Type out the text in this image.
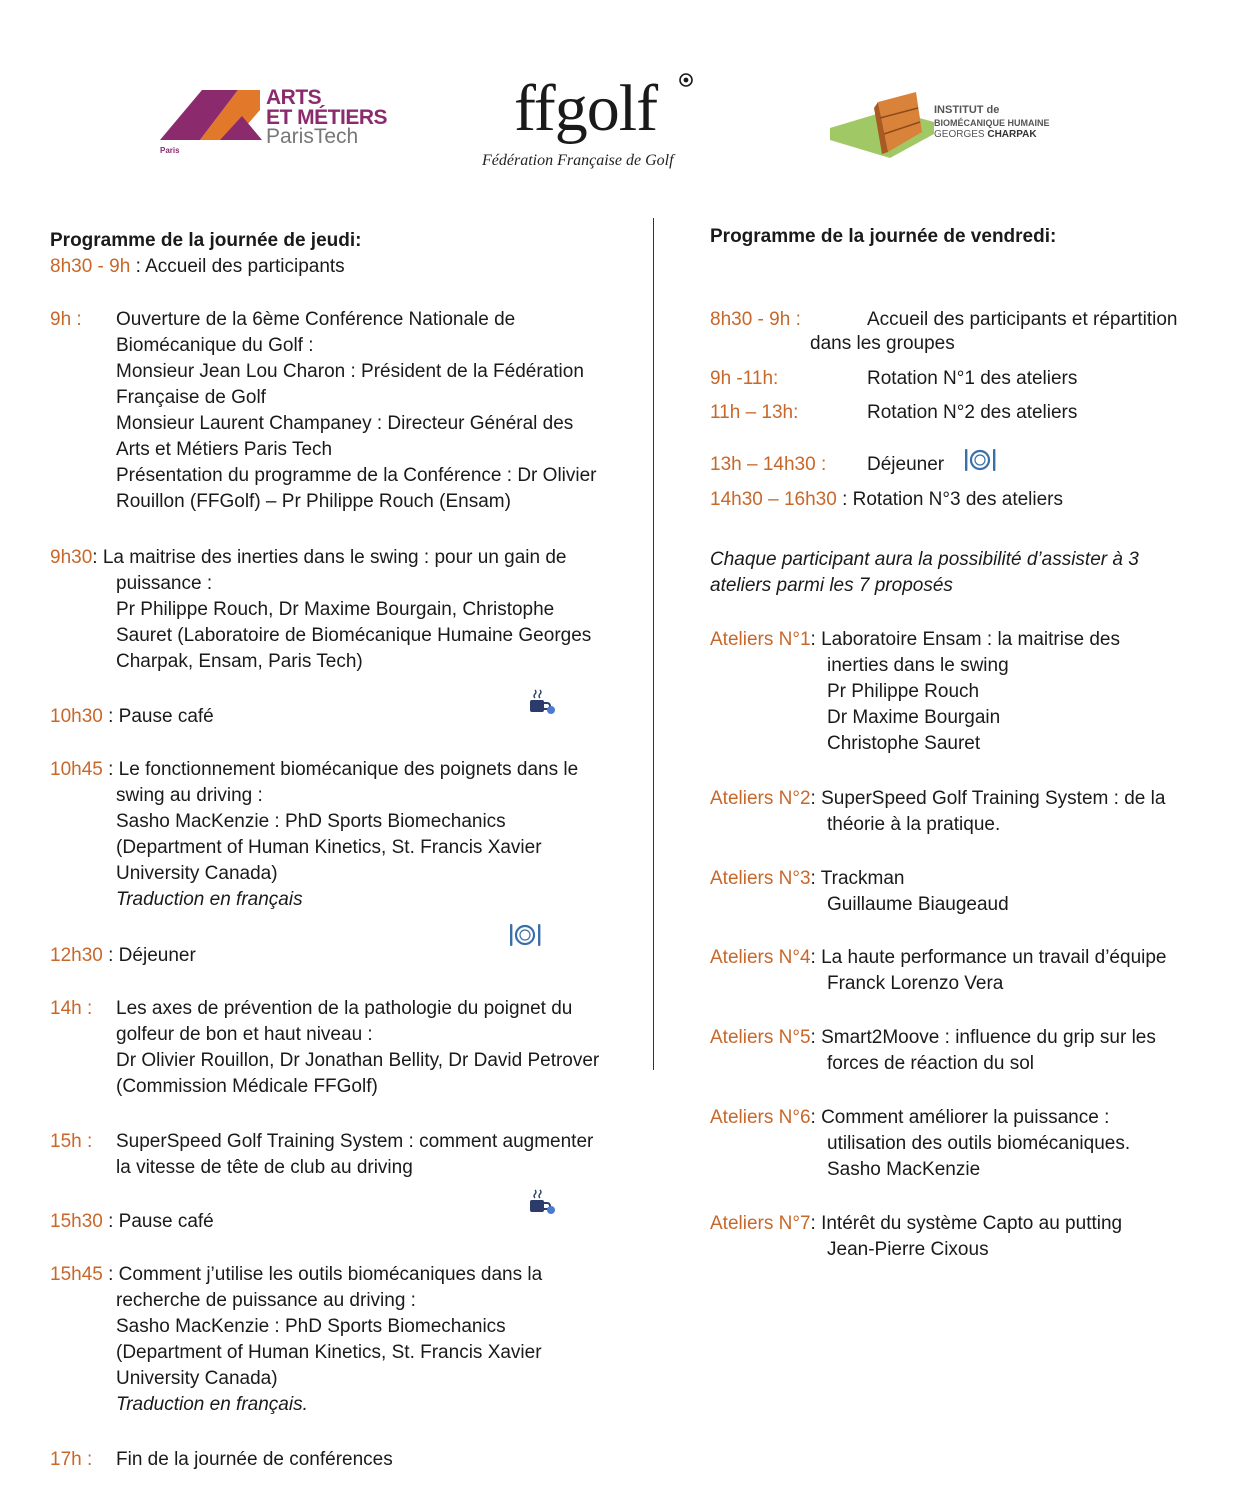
Paris
ARTS
ET MÉTIERS
ParisTech ffgolf
Fédération Française de Golf
INSTITUT de
BIOMÉCANIQUE HUMAINE
GEORGES CHARPAK
Programme de la journée de jeudi:
8h30 - 9h : Accueil des participants
9h : Ouverture de la 6ème Conférence Nationale de
Biomécanique du Golf :
Monsieur Jean Lou Charon : Président de la Fédération
Française de Golf
Monsieur Laurent Champaney : Directeur Général des
Arts et Métiers Paris Tech
Présentation du programme de la Conférence : Dr Olivier
Rouillon (FFGolf) – Pr Philippe Rouch (Ensam)
9h30: La maitrise des inerties dans le swing : pour un gain de
puissance :
Pr Philippe Rouch, Dr Maxime Bourgain, Christophe
Sauret (Laboratoire de Biomécanique Humaine Georges
Charpak, Ensam, Paris Tech)
10h30 : Pause café
10h45 : Le fonctionnement biomécanique des poignets dans le
swing au driving :
Sasho MacKenzie : PhD Sports Biomechanics
(Department of Human Kinetics, St. Francis Xavier
University Canada)
Traduction en français
12h30 : Déjeuner
14h : Les axes de prévention de la pathologie du poignet du
golfeur de bon et haut niveau :
Dr Olivier Rouillon, Dr Jonathan Bellity, Dr David Petrover
(Commission Médicale FFGolf)
15h : SuperSpeed Golf Training System : comment augmenter
la vitesse de tête de club au driving
15h30 : Pause café
15h45 : Comment j’utilise les outils biomécaniques dans la
recherche de puissance au driving :
Sasho MacKenzie : PhD Sports Biomechanics
(Department of Human Kinetics, St. Francis Xavier
University Canada)
Traduction en français.
17h : Fin de la journée de conférences
Programme de la journée de vendredi:
8h30 - 9h :	Accueil des participants et répartition
dans les groupes
9h -11h:	Rotation N°1 des ateliers
11h – 13h:	Rotation N°2 des ateliers
13h – 14h30 : Déjeuner
14h30 – 16h30 : Rotation N°3 des ateliers
Chaque participant aura la possibilité d’assister à 3
ateliers parmi les 7 proposés
Ateliers N°1: Laboratoire Ensam : la maitrise des
inerties dans le swing
Pr Philippe Rouch
Dr Maxime Bourgain
Christophe Sauret
Ateliers N°2: SuperSpeed Golf Training System : de la
théorie à la pratique.
Ateliers N°3: Trackman
Guillaume Biaugeaud
Ateliers N°4: La haute performance un travail d’équipe
Franck Lorenzo Vera
Ateliers N°5: Smart2Moove : influence du grip sur les
forces de réaction du sol
Ateliers N°6: Comment améliorer la puissance :
utilisation des outils biomécaniques.
Sasho MacKenzie
Ateliers N°7: Intérêt du système Capto au putting
Jean-Pierre Cixous
